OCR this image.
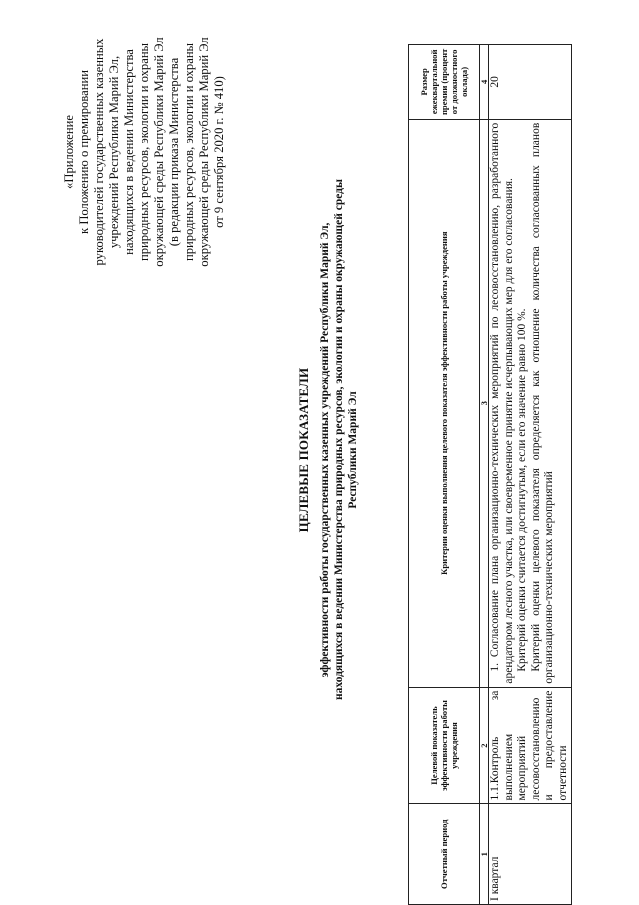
«Приложение к Положению о премировании руководителей государственных казенных учреждений Республики Марий Эл, находящихся в ведении Министерства природных ресурсов, экологии и охраны окружающей среды Республики Марий Эл (в редакции приказа Министерства природных ресурсов, экологии и охраны окружающей среды Республики Марий Эл от 9 сентября 2020 г. № 410)
ЦЕЛЕВЫЕ ПОКАЗАТЕЛИ эффективности работы государственных казенных учреждений Республики Марий Эл, находящихся в ведении Министерства природных ресурсов, экологии и охраны окружающей среды Республики Марий Эл
Отчетный период	Целевой показатель эффективности работы учреждения	Критерии оценки выполнения целевого показателя эффективности работы учреждения	Размер ежеквартальной премии (процент от должностного оклада)
1	2	3	4
I квартал	1.1.Контроль за выполнением мероприятий лесовосстановлению и предоставление отчетности	1. Согласование плана организационно-технических мероприятий по лесовосстановлению, разработанного арендатором лесного участка, или своевременное принятие исчерпывающих мер для его согласования. Критерий оценки считается достигнутым, если его значение равно 100 %. Критерий оценки целевого показателя определяется как отношение количества согласованных планов организационно-технических мероприятий	20
